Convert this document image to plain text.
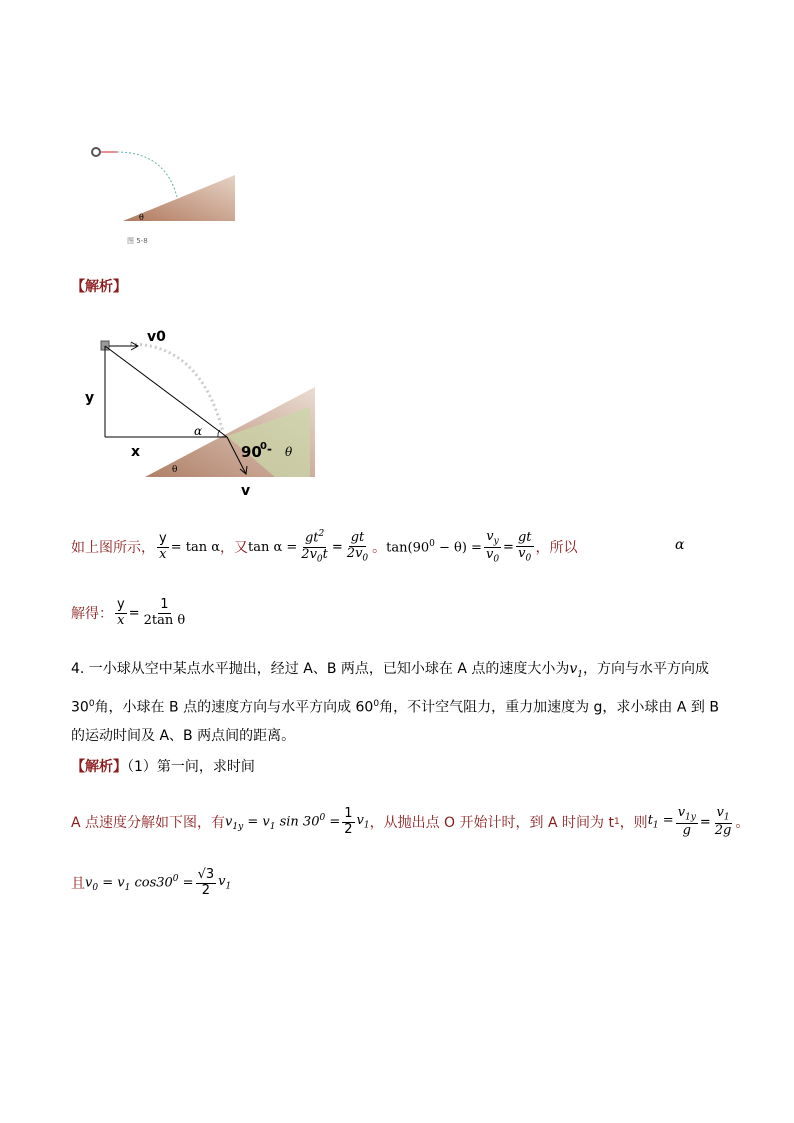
θ
图 5-8
【解析】
v0
y
x
α
90
0 - θ
v
θ
如上图所示， $\frac{y}{x} = \tan \alpha$ ，又 $\tan \alpha = \frac{gt^2}{2v_0t} = \frac{gt}{2v_0}$ 。 $\tan(90^0 - \theta) = \frac{v_y}{v_0} = \frac{gt}{v_0}$ ，所以	α
解得： $\frac{y}{x} = \frac{1}{\text{2tan θ}}$
4. 一小球从空中某点水平抛出，经过 A、B 两点，已知小球在 A 点的速度大小为$v_1$，方向与水平方向成 $30^0$角，小球在 B 点的速度方向与水平方向成 $60^0$角，不计空气阻力，重力加速度为 g，求小球由 A 到 B 的运动时间及 A、B 两点间的距离。
【解析】（1）第一问，求时间
A 点速度分解如下图，有 $v_{1y} = v_1$ $\sin 30^0 = \frac{1}{2} v_1$ ，从抛出点 O 开始计时，到 A 时间为 t 1 ，则 $t_1 = \frac{v_{1y}}{g} = \frac{v_1}{2g}$ 。
且 $v_0 = v_1$ $\cos 30^0 = \frac{√3}{2} v_1$
